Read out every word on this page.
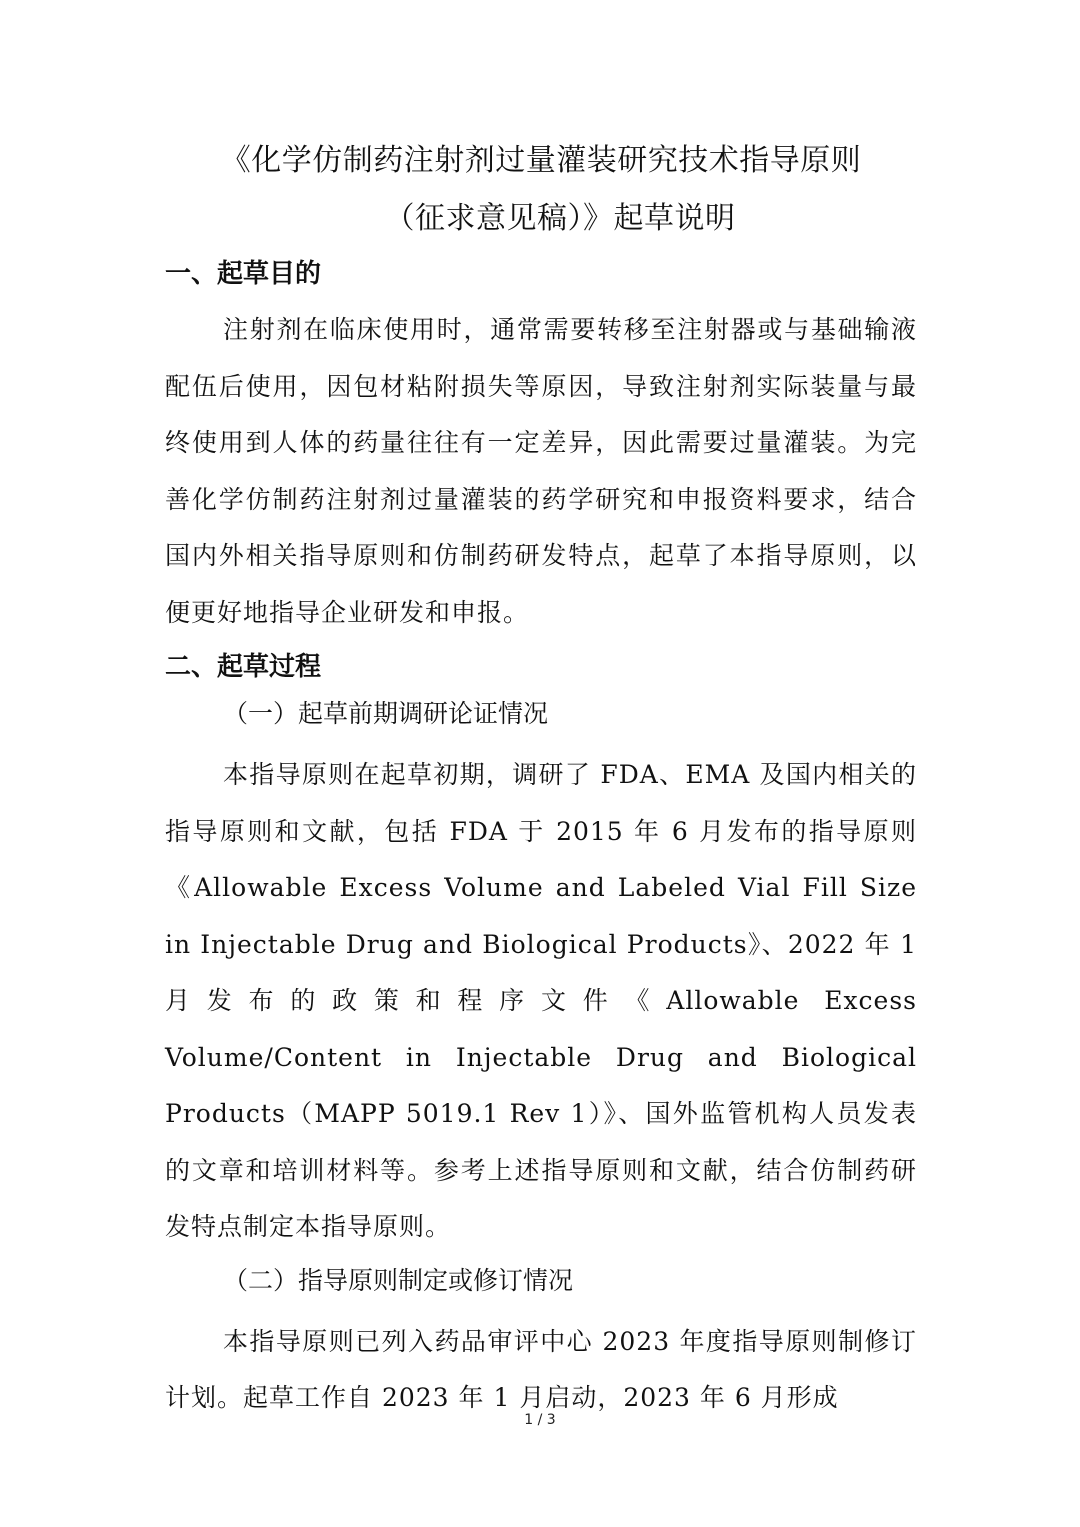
《化学仿制药注射剂过量灌装研究技术指导原则
（征求意见稿）》起草说明
一、起草目的

注射剂在临床使用时，通常需要转移至注射器或与基础输液配伍后使用，因包材粘附损失等原因，导致注射剂实际装量与最终使用到人体的药量往往有一定差异，因此需要过量灌装。为完善化学仿制药注射剂过量灌装的药学研究和申报资料要求，结合国内外相关指导原则和仿制药研发特点，起草了本指导原则，以便更好地指导企业研发和申报。

二、起草过程
（一）起草前期调研论证情况

本指导原则在起草初期，调研了 FDA、EMA 及国内相关的指导原则和文献，包括 FDA 于 2015 年 6 月发布的指导原则《Allowable Excess Volume and Labeled Vial Fill Size in Injectable Drug and Biological Products》、2022 年 1 月发布的政策和程序文件《Allowable Excess Volume/Content in Injectable Drug and Biological Products（MAPP 5019.1 Rev 1）》、国外监管机构人员发表的文章和培训材料等。参考上述指导原则和文献，结合仿制药研发特点制定本指导原则。

（二）指导原则制定或修订情况

本指导原则已列入药品审评中心 2023 年度指导原则制修订计划。起草工作自 2023 年 1 月启动，2023 年 6 月形成

1 / 3
